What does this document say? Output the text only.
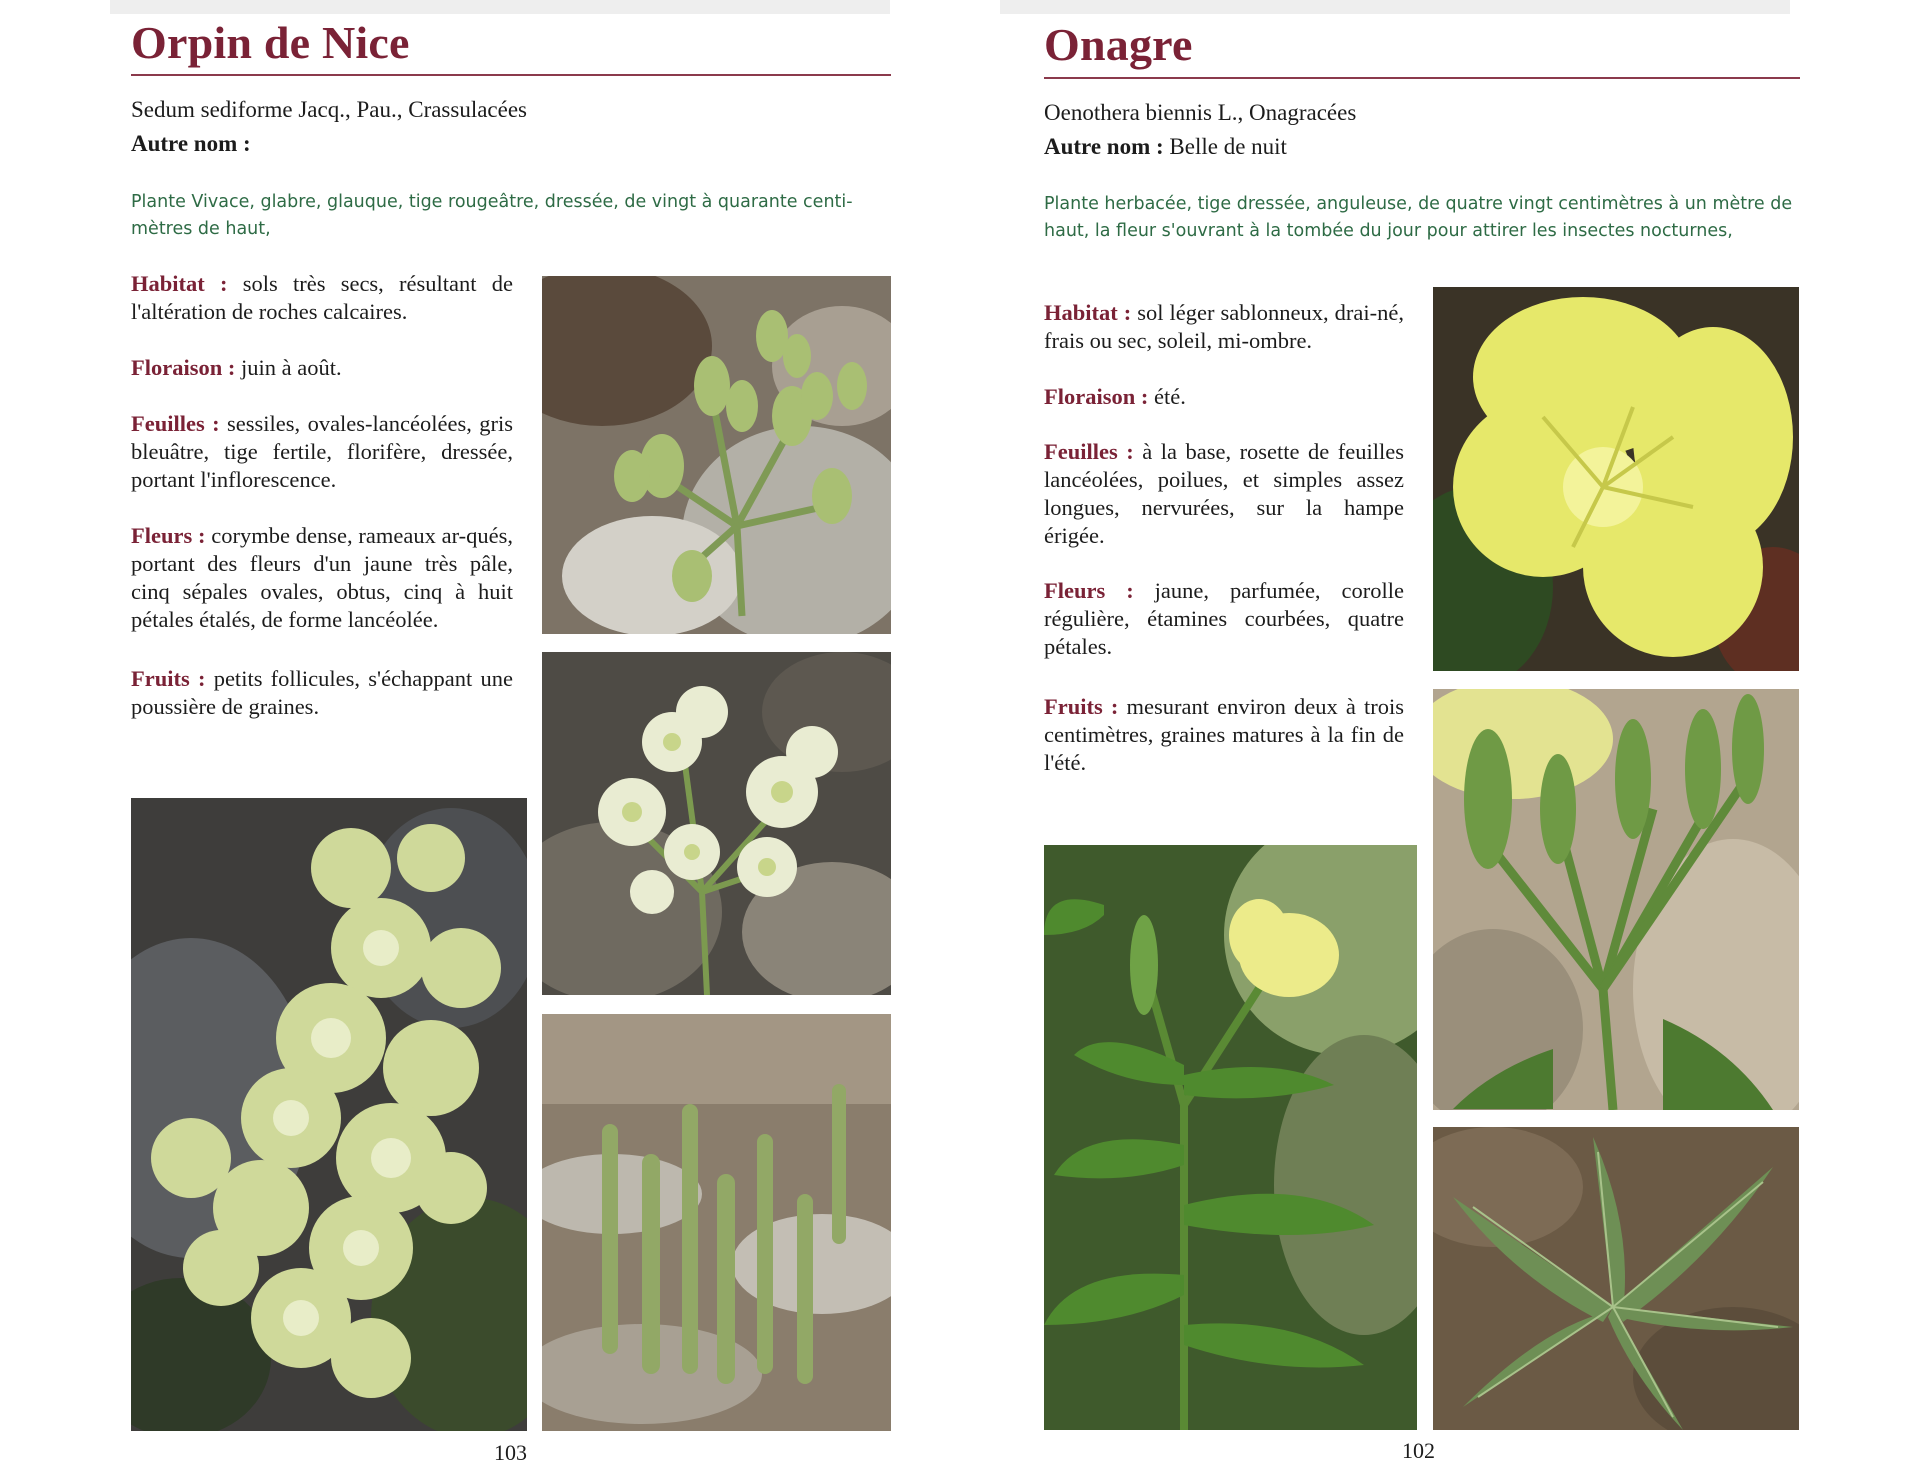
Orpin de Nice
Sedum sediforme Jacq., Pau., Crassulacées
Autre nom :

Plante Vivace, glabre, glauque, tige rougeâtre, dressée, de vingt à quarante centi-mètres de haut,

Habitat : sols très secs, résultant de l'altération de roches calcaires.

Floraison : juin à août.

Feuilles : sessiles, ovales-lancéolées, gris bleuâtre, tige fertile, florifère, dressée, portant l'inflorescence.

Fleurs : corymbe dense, rameaux ar-qués, portant des fleurs d'un jaune très pâle, cinq sépales ovales, obtus, cinq à huit pétales étalés, de forme lancéolée.

Fruits : petits follicules, s'échappant une poussière de graines.

103
Onagre
Oenothera biennis L., Onagracées
Autre nom : Belle de nuit

Plante herbacée, tige dressée, anguleuse, de quatre vingt centimètres à un mètre de haut, la fleur s'ouvrant à la tombée du jour pour attirer les insectes nocturnes,

Habitat : sol léger sablonneux, drai-né, frais ou sec, soleil, mi-ombre.

Floraison : été.

Feuilles : à la base, rosette de feuilles lancéolées, poilues, et simples assez longues, nervurées, sur la hampe érigée.

Fleurs : jaune, parfumée, corolle régulière, étamines courbées, quatre pétales.

Fruits : mesurant environ deux à trois centimètres, graines matures à la fin de l'été.

102
